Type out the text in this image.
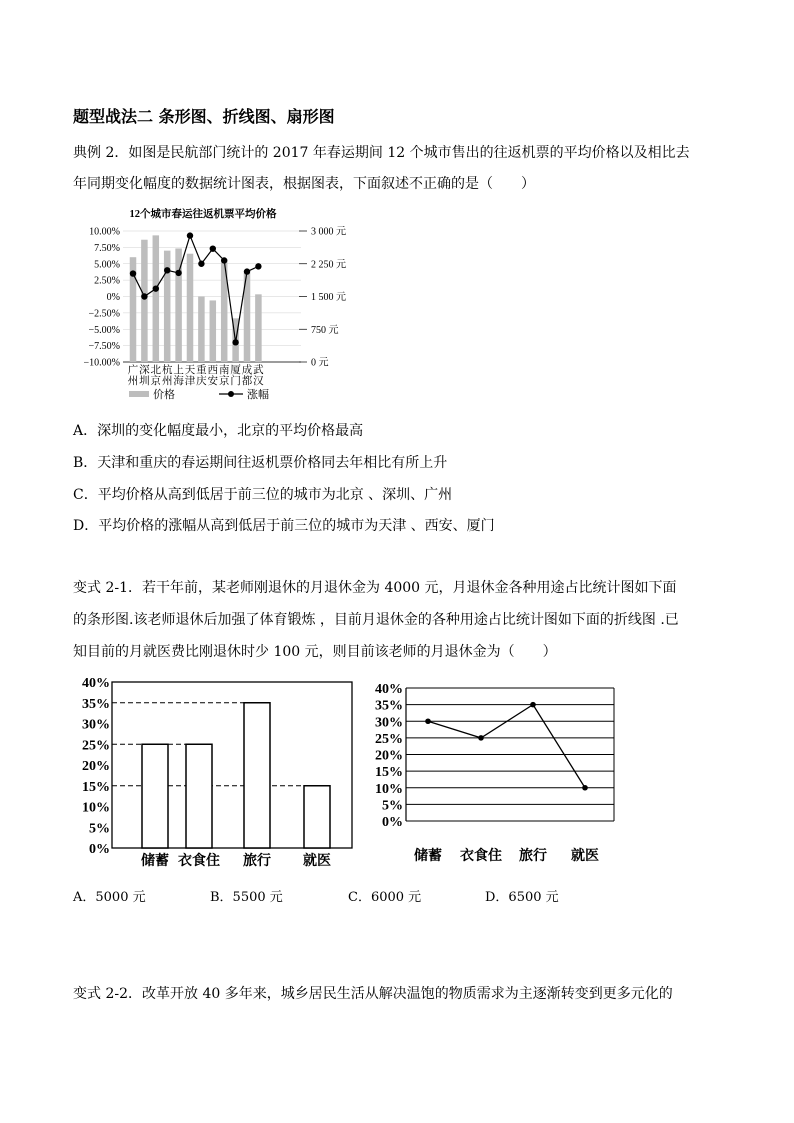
题型战法二 条形图、折线图、扇形图
典例 2．如图是民航部门统计的 2017 年春运期间 12 个城市售出的往返机票的平均价格以及相比去
年同期变化幅度的数据统计图表，根据图表，下面叙述不正确的是（　　）
12个城市春运往返机票平均价格
10.00%
7.50%
5.00%
2.50%
0%
−2.50%
−5.00%
−7.50%
−10.00%
3 000 元
2 250 元
1 500 元
750 元
0 元
广
州
深
圳
北
京
杭
州
上
海
天
津
重
庆
西
安
南
京
厦
门
成
都
武
汉
价格	涨幅
A．深圳的变化幅度最小，北京的平均价格最高
B．天津和重庆的春运期间往返机票价格同去年相比有所上升
C．平均价格从高到低居于前三位的城市为北京 、深圳、广州
D．平均价格的涨幅从高到低居于前三位的城市为天津 、西安、厦门
变式 2-1．若干年前，某老师刚退休的月退休金为 4000 元，月退休金各种用途占比统计图如下面
的条形图.该老师退休后加强了体育锻炼 ，目前月退休金的各种用途占比统计图如下面的折线图 .已
知目前的月就医费比刚退休时少 100 元，则目前该老师的月退休金为（　　）
40%
35%
30%
25%
20%
15%
10%
5%
0%
储蓄 衣食住 旅行 就医
40%
35%
30%
25%
20%
15%
10%
5%
0%
储蓄 衣食住 旅行 就医
A．5000 元	B．5500 元	C．6000 元	D．6500 元
变式 2-2．改革开放 40 多年来，城乡居民生活从解决温饱的物质需求为主逐渐转变到更多元化的
